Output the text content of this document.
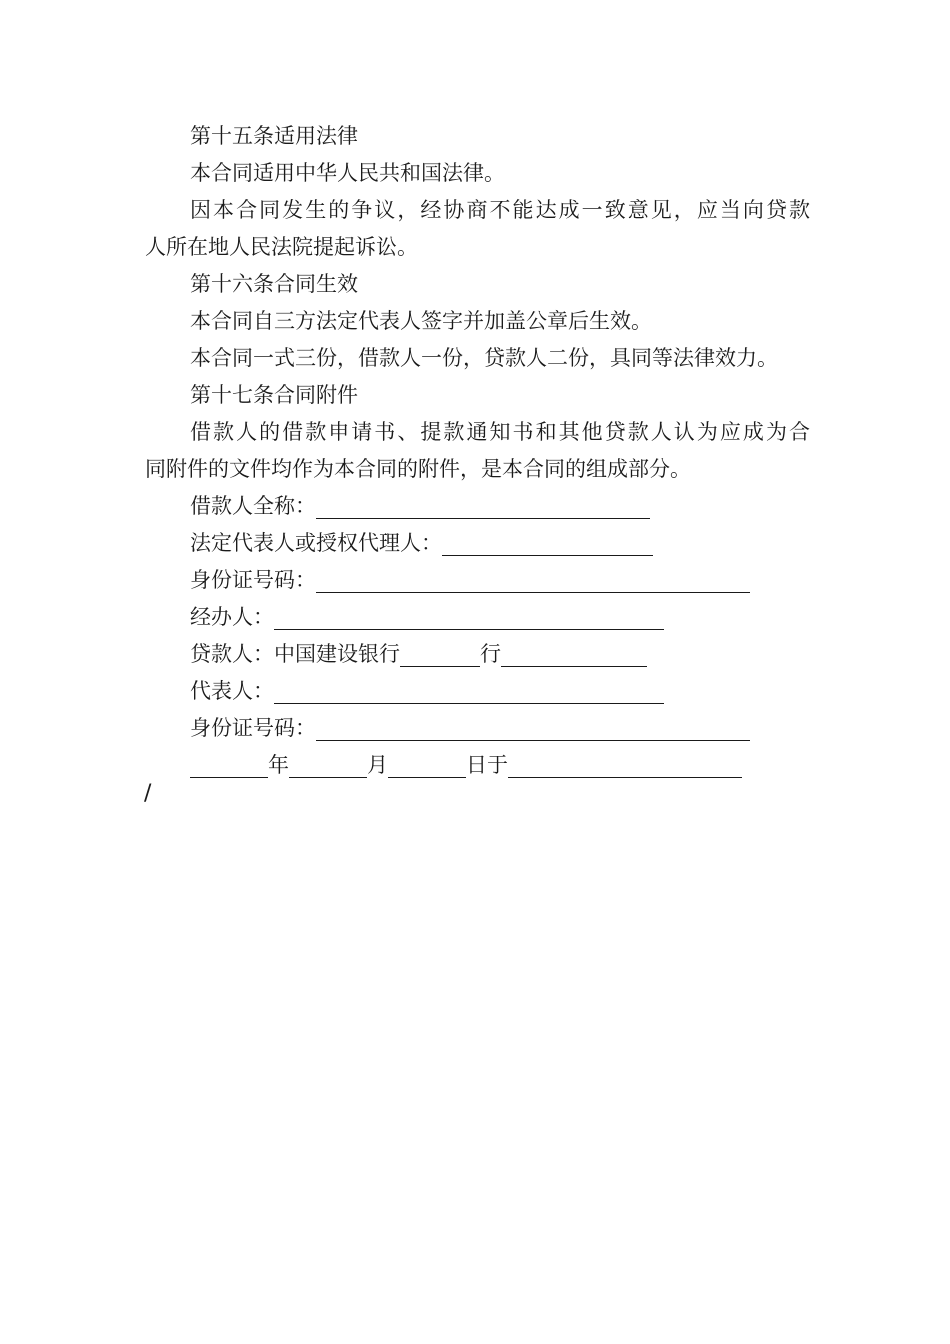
第十五条适用法律
本合同适用中华人民共和国法律。
因本合同发生的争议，经协商不能达成一致意见，应当向贷款
人所在地人民法院提起诉讼。
第十六条合同生效
本合同自三方法定代表人签字并加盖公章后生效。
本合同一式三份，借款人一份，贷款人二份，具同等法律效力。
第十七条合同附件
借款人的借款申请书、提款通知书和其他贷款人认为应成为合
同附件的文件均作为本合同的附件，是本合同的组成部分。
借款人全称：
法定代表人或授权代理人：
身份证号码：
经办人：
贷款人：中国建设银行	行
代表人：
身份证号码：
年	月	日于
/
